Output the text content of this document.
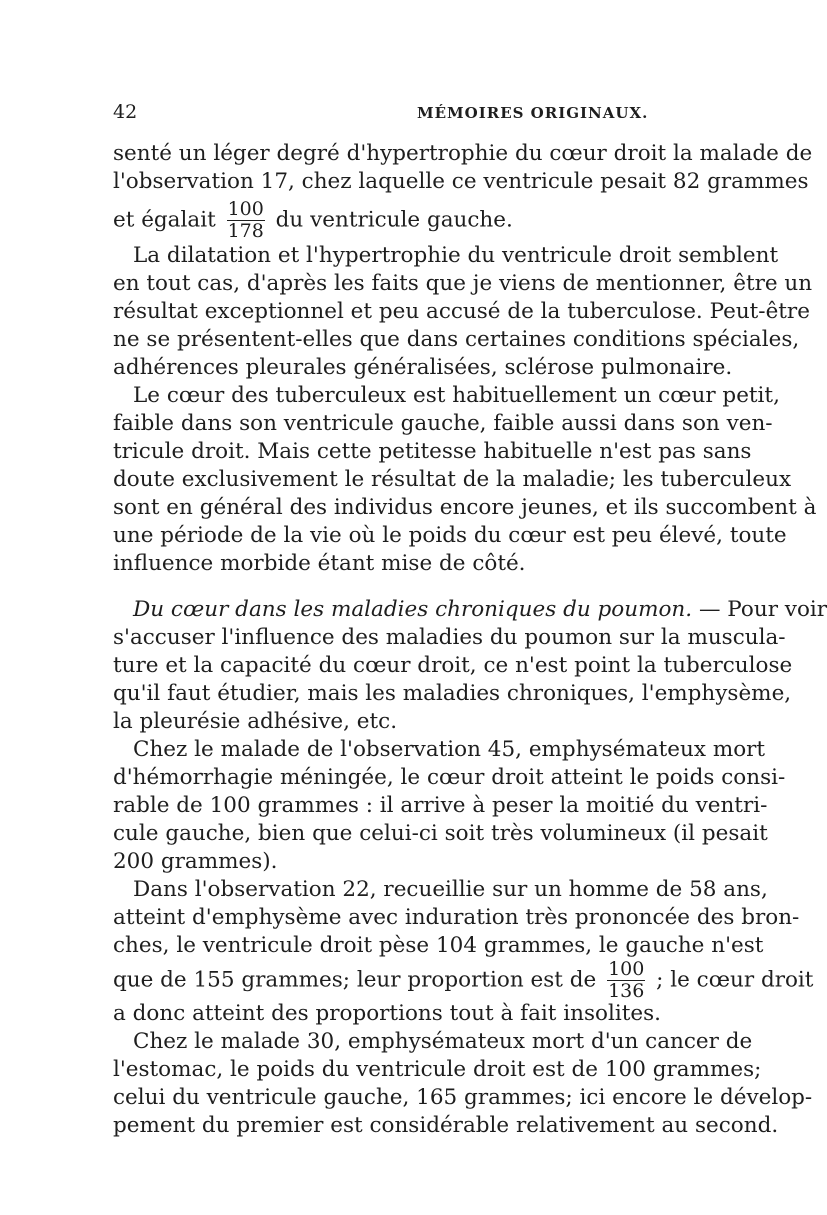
42	MÉMOIRES ORIGINAUX.
senté un léger degré d'hypertrophie du cœur droit la malade de
l'observation 17, chez laquelle ce ventricule pesait 82 grammes
et égalait $\frac{100}{178}$ du ventricule gauche.
La dilatation et l'hypertrophie du ventricule droit semblent
en tout cas, d'après les faits que je viens de mentionner, être un
résultat exceptionnel et peu accusé de la tuberculose. Peut-être
ne se présentent-elles que dans certaines conditions spéciales,
adhérences pleurales généralisées, sclérose pulmonaire.
Le cœur des tuberculeux est habituellement un cœur petit,
faible dans son ventricule gauche, faible aussi dans son ven-
tricule droit. Mais cette petitesse habituelle n'est pas sans
doute exclusivement le résultat de la maladie; les tuberculeux
sont en général des individus encore jeunes, et ils succombent à
une période de la vie où le poids du cœur est peu élevé, toute
influence morbide étant mise de côté.
Du cœur dans les maladies chroniques du poumon. — Pour voir
s'accuser l'influence des maladies du poumon sur la muscula-
ture et la capacité du cœur droit, ce n'est point la tuberculose
qu'il faut étudier, mais les maladies chroniques, l'emphysème,
la pleurésie adhésive, etc.
Chez le malade de l'observation 45, emphysémateux mort
d'hémorrhagie méningée, le cœur droit atteint le poids consi-
rable de 100 grammes : il arrive à peser la moitié du ventri-
cule gauche, bien que celui-ci soit très volumineux (il pesait
200 grammes).
Dans l'observation 22, recueillie sur un homme de 58 ans,
atteint d'emphysème avec induration très prononcée des bron-
ches, le ventricule droit pèse 104 grammes, le gauche n'est
que de 155 grammes; leur proportion est de $\frac{100}{136}$ ; le cœur droit
a donc atteint des proportions tout à fait insolites.
Chez le malade 30, emphysémateux mort d'un cancer de
l'estomac, le poids du ventricule droit est de 100 grammes;
celui du ventricule gauche, 165 grammes; ici encore le dévelop-
pement du premier est considérable relativement au second.
